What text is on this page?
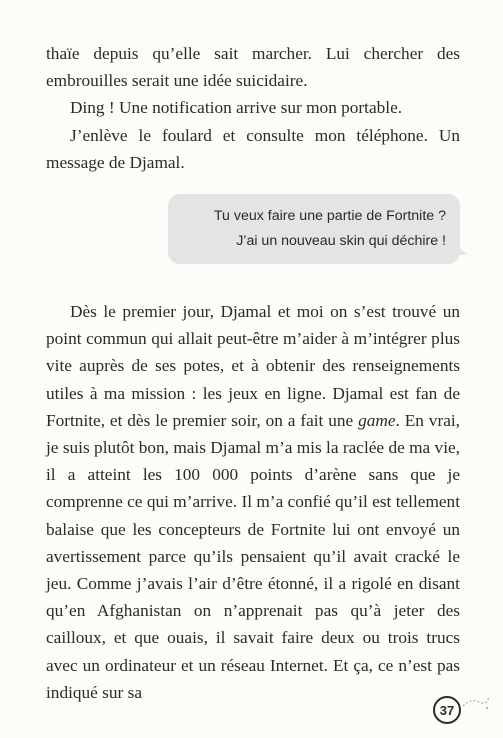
thaïe depuis qu’elle sait marcher. Lui chercher des embrouilles serait une idée suicidaire.

Ding ! Une notification arrive sur mon portable.

J’enlève le foulard et consulte mon téléphone. Un message de Djamal.

Tu veux faire une partie de Fortnite ?
J’ai un nouveau skin qui déchire !

Dès le premier jour, Djamal et moi on s’est trouvé un point commun qui allait peut-être m’aider à m’intégrer plus vite auprès de ses potes, et à obtenir des renseignements utiles à ma mission : les jeux en ligne. Djamal est fan de Fortnite, et dès le premier soir, on a fait une game. En vrai, je suis plutôt bon, mais Djamal m’a mis la raclée de ma vie, il a atteint les 100 000 points d’arène sans que je comprenne ce qui m’arrive. Il m’a confié qu’il est tellement balaise que les concepteurs de Fortnite lui ont envoyé un avertissement parce qu’ils pensaient qu’il avait cracké le jeu. Comme j’avais l’air d’être étonné, il a rigolé en disant qu’en Afghanistan on n’apprenait pas qu’à jeter des cailloux, et que ouais, il savait faire deux ou trois trucs avec un ordinateur et un réseau Internet. Et ça, ce n’est pas indiqué sur sa

37
